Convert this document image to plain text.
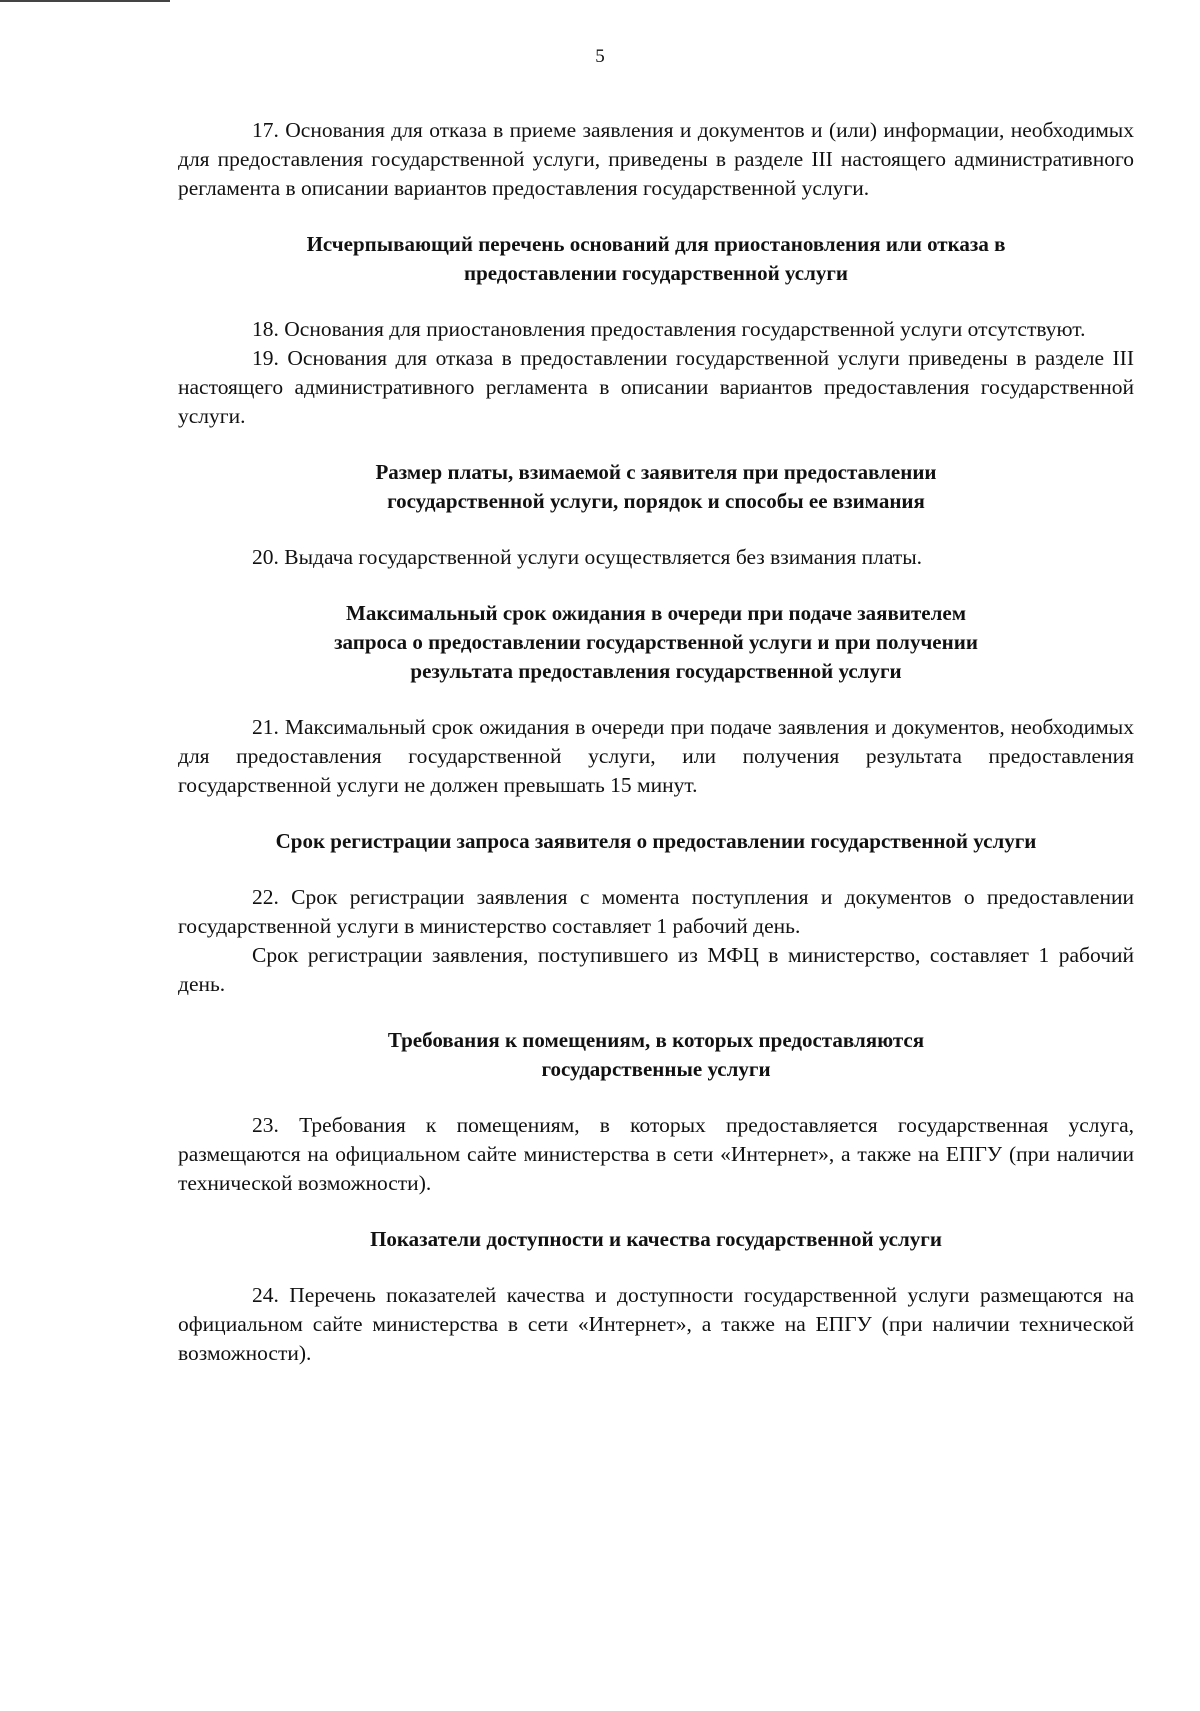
5

17. Основания для отказа в приеме заявления и документов и (или) информации, необходимых для предоставления государственной услуги, приведены в разделе III настоящего административного регламента в описании вариантов предоставления государственной услуги.

Исчерпывающий перечень оснований для приостановления или отказа в
предоставлении государственной услуги

18. Основания для приостановления предоставления государственной услуги отсутствуют.

19. Основания для отказа в предоставлении государственной услуги приведены в разделе III настоящего административного регламента в описании вариантов предоставления государственной услуги.

Размер платы, взимаемой с заявителя при предоставлении
государственной услуги, порядок и способы ее взимания

20. Выдача государственной услуги осуществляется без взимания платы.

Максимальный срок ожидания в очереди при подаче заявителем
запроса о предоставлении государственной услуги и при получении
результата предоставления государственной услуги

21. Максимальный срок ожидания в очереди при подаче заявления и документов, необходимых для предоставления государственной услуги, или получения результата предоставления государственной услуги не должен превышать 15 минут.

Срок регистрации запроса заявителя о предоставлении государственной услуги

22. Срок регистрации заявления с момента поступления и документов о предоставлении государственной услуги в министерство составляет 1 рабочий день.

Срок регистрации заявления, поступившего из МФЦ в министерство, составляет 1 рабочий день.

Требования к помещениям, в которых предоставляются
государственные услуги

23. Требования к помещениям, в которых предоставляется государственная услуга, размещаются на официальном сайте министерства в сети «Интернет», а также на ЕПГУ (при наличии технической возможности).

Показатели доступности и качества государственной услуги

24. Перечень показателей качества и доступности государственной услуги размещаются на официальном сайте министерства в сети «Интернет», а также на ЕПГУ (при наличии технической возможности).
